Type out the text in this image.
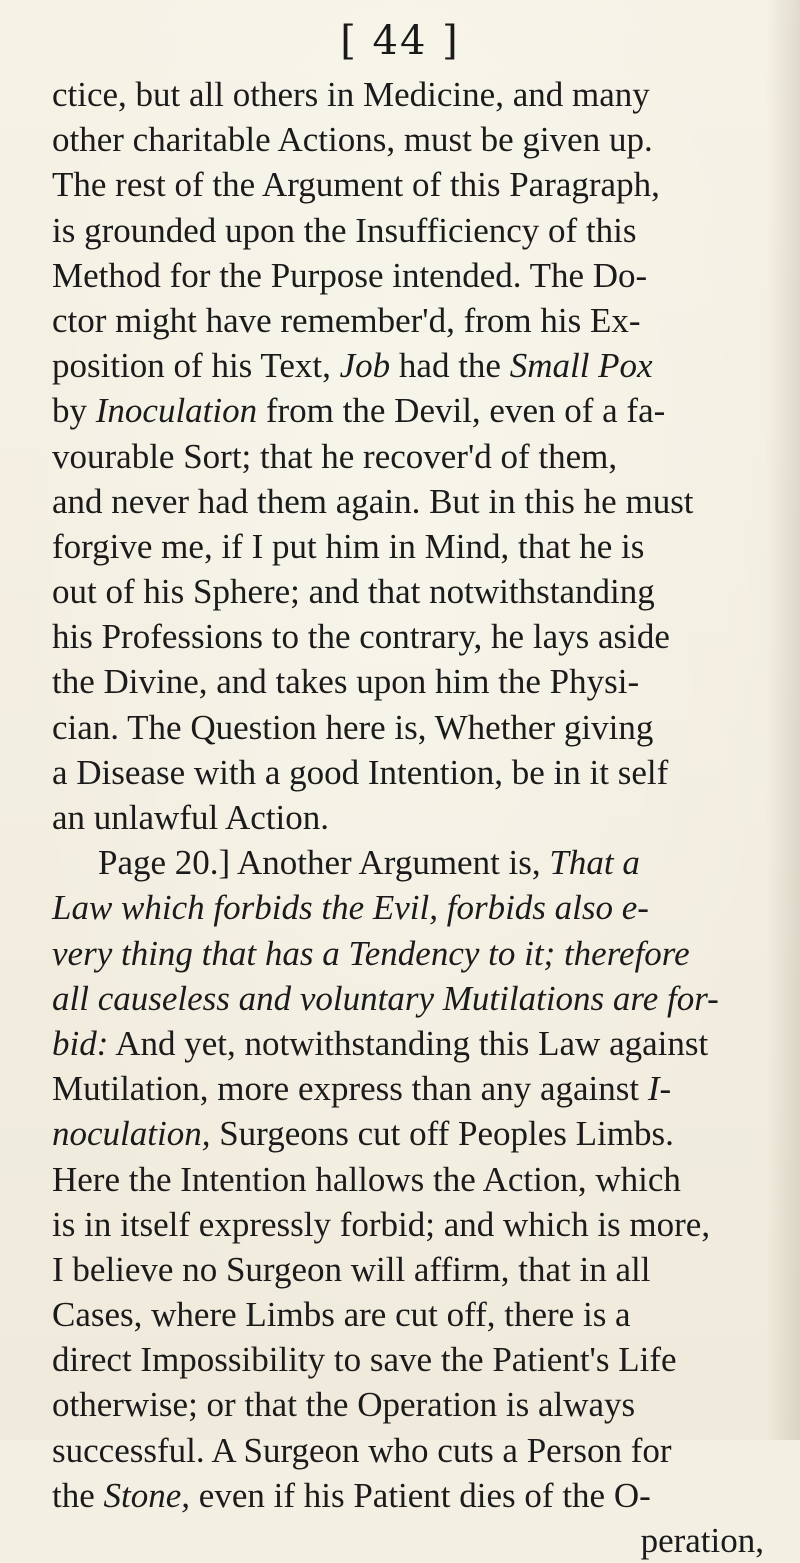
[ 44 ]
ctice, but all others in Medicine, and many
other charitable Actions, must be given up.
The rest of the Argument of this Paragraph,
is grounded upon the Insufficiency of this
Method for the Purpose intended. The Do-
ctor might have remember'd, from his Ex-
position of his Text, Job had the Small Pox
by Inoculation from the Devil, even of a fa-
vourable Sort; that he recover'd of them,
and never had them again. But in this he must
forgive me, if I put him in Mind, that he is
out of his Sphere; and that notwithstanding
his Professions to the contrary, he lays aside
the Divine, and takes upon him the Physi-
cian. The Question here is, Whether giving
a Disease with a good Intention, be in it self
an unlawful Action.
Page 20.] Another Argument is, That a
Law which forbids the Evil, forbids also e-
very thing that has a Tendency to it; therefore
all causeless and voluntary Mutilations are for-
bid: And yet, notwithstanding this Law against
Mutilation, more express than any against I-
noculation, Surgeons cut off Peoples Limbs.
Here the Intention hallows the Action, which
is in itself expressly forbid; and which is more,
I believe no Surgeon will affirm, that in all
Cases, where Limbs are cut off, there is a
direct Impossibility to save the Patient's Life
otherwise; or that the Operation is always
successful. A Surgeon who cuts a Person for
the Stone, even if his Patient dies of the O-
peration,
